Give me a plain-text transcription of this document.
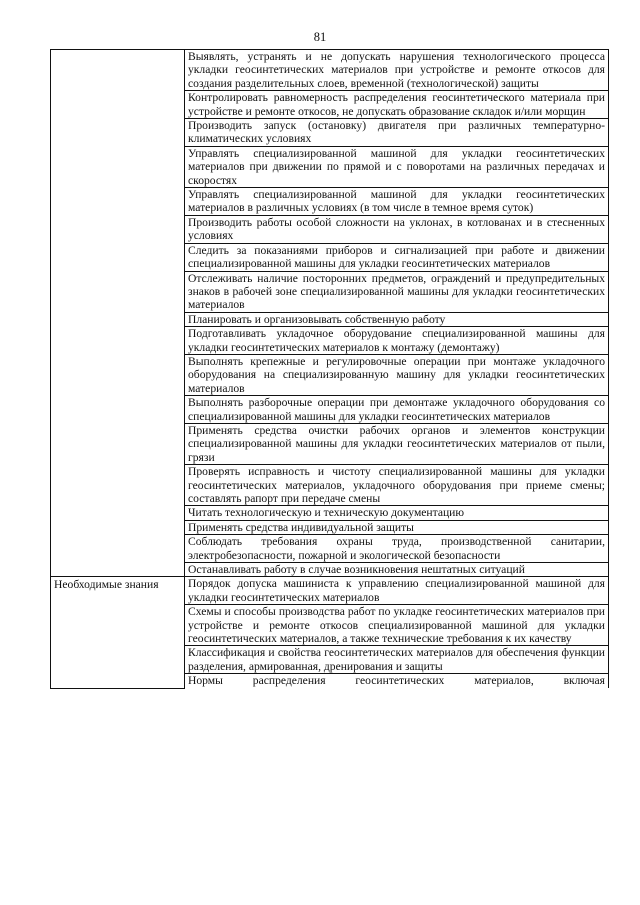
81
	Выявлять, устранять и не допускать нарушения технологического процесса укладки геосинтетических материалов при устройстве и ремонте откосов для создания разделительных слоев, временной (технологической) защиты
	Контролировать равномерность распределения геосинтетического материала при устройстве и ремонте откосов, не допускать образование складок и/или морщин
	Производить запуск (остановку) двигателя при различных температурно-климатических условиях
	Управлять специализированной машиной для укладки геосинтетических материалов при движении по прямой и с поворотами на различных передачах и скоростях
	Управлять специализированной машиной для укладки геосинтетических материалов в различных условиях (в том числе в темное время суток)
	Производить работы особой сложности на уклонах, в котлованах и в стесненных условиях
	Следить за показаниями приборов и сигнализацией при работе и движении специализированной машины для укладки геосинтетических материалов
	Отслеживать наличие посторонних предметов, ограждений и предупредительных знаков в рабочей зоне специализированной машины для укладки геосинтетических материалов
	Планировать и организовывать собственную работу
	Подготавливать укладочное оборудование специализированной машины для укладки геосинтетических материалов к монтажу (демонтажу)
	Выполнять крепежные и регулировочные операции при монтаже укладочного оборудования на специализированную машину для укладки геосинтетических материалов
	Выполнять разборочные операции при демонтаже укладочного оборудования со специализированной машины для укладки геосинтетических материалов
	Применять средства очистки рабочих органов и элементов конструкции специализированной машины для укладки геосинтетических материалов от пыли, грязи
	Проверять исправность и чистоту специализированной машины для укладки геосинтетических материалов, укладочного оборудования при приеме смены; составлять рапорт при передаче смены
	Читать технологическую и техническую документацию
	Применять средства индивидуальной защиты
	Соблюдать требования охраны труда, производственной санитарии, электробезопасности, пожарной и экологической безопасности
	Останавливать работу в случае возникновения нештатных ситуаций
Необходимые знания	Порядок допуска машиниста к управлению специализированной машиной для укладки геосинтетических материалов
	Схемы и способы производства работ по укладке геосинтетических материалов при устройстве и ремонте откосов специализированной машиной для укладки геосинтетических материалов, а также технические требования к их качеству
	Классификация и свойства геосинтетических материалов для обеспечения функции разделения, армированная, дренирования и защиты
	Нормы распределения геосинтетических материалов, включая
